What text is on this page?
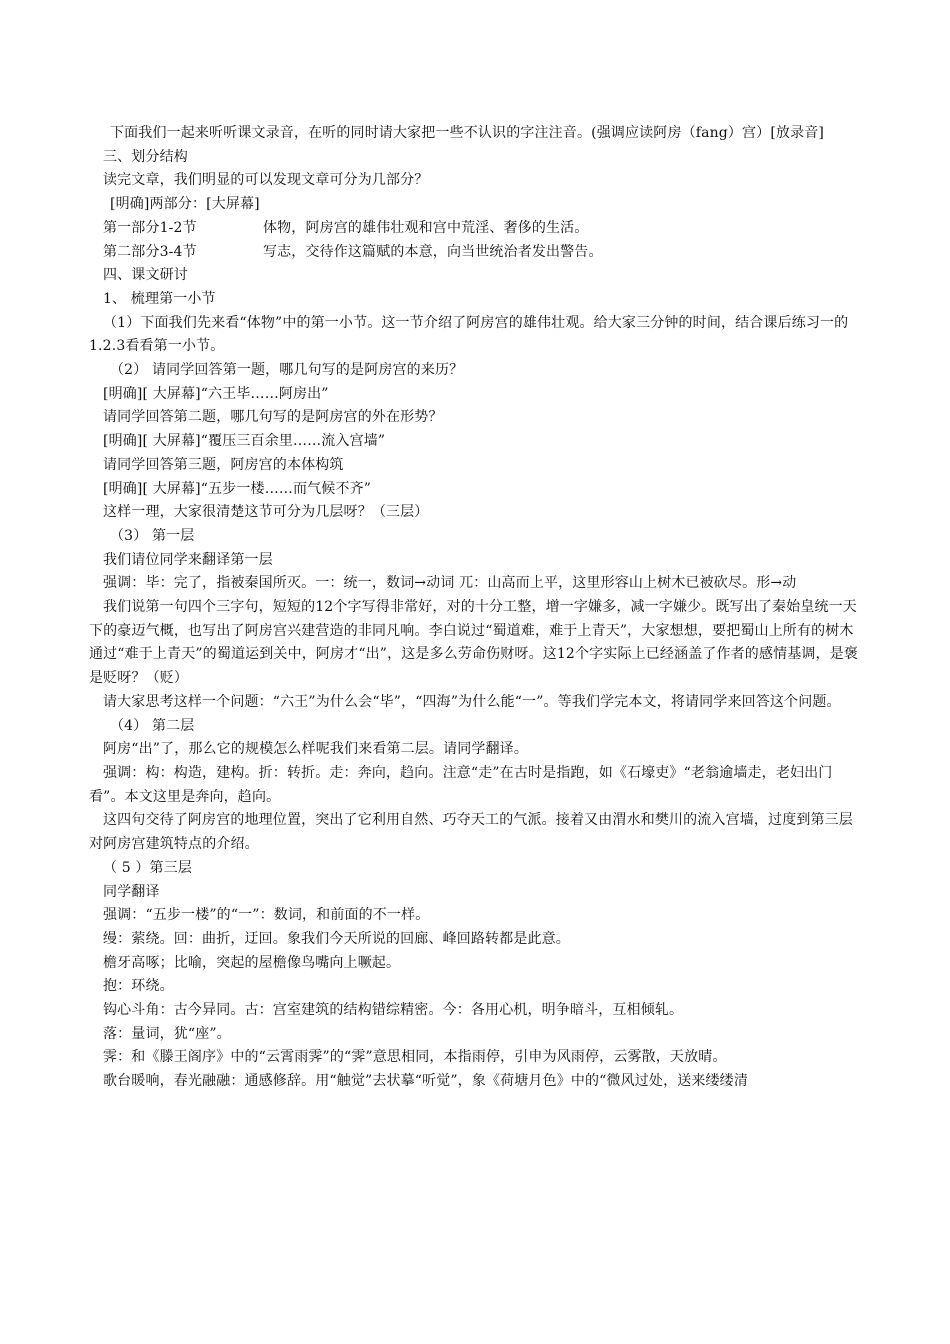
下面我们一起来听听课文录音，在听的同时请大家把一些不认识的字注注音。(强调应读阿房（fang）宫）[放录音]

三、划分结构

读完文章，我们明显的可以发现文章可分为几部分？

[明确]两部分：[大屏幕]

第一部分1-2节	体物，阿房宫的雄伟壮观和宫中荒淫、奢侈的生活。
第二部分3-4节	写志，交待作这篇赋的本意，向当世统治者发出警告。

四、课文研讨

1、 梳理第一小节

（1）下面我们先来看“体物”中的第一小节。这一节介绍了阿房宫的雄伟壮观。给大家三分钟的时间，结合课后练习一的1.2.3看看第一小节。

（2） 请同学回答第一题，哪几句写的是阿房宫的来历？

[明确][ 大屏幕]“六王毕……阿房出”

请同学回答第二题，哪几句写的是阿房宫的外在形势？

[明确][ 大屏幕]“覆压三百余里……流入宫墙”

请同学回答第三题，阿房宫的本体构筑

[明确][ 大屏幕]“五步一楼……而气候不齐”

这样一理，大家很清楚这节可分为几层呀？（三层）

（3） 第一层

我们请位同学来翻译第一层

强调：毕：完了，指被秦国所灭。一：统一，数词→动词 兀：山高而上平，这里形容山上树木已被砍尽。形→动

我们说第一句四个三字句，短短的12个字写得非常好，对的十分工整，增一字嫌多，减一字嫌少。既写出了秦始皇统一天下的豪迈气概，也写出了阿房宫兴建营造的非同凡响。李白说过“蜀道难，难于上青天”，大家想想，要把蜀山上所有的树木通过“难于上青天”的蜀道运到关中，阿房才“出”，这是多么劳命伤财呀。这12个字实际上已经涵盖了作者的感情基调，是褒是贬呀？（贬）

请大家思考这样一个问题：“六王”为什么会“毕”，“四海”为什么能“一”。等我们学完本文，将请同学来回答这个问题。

（4） 第二层

阿房“出”了，那么它的规模怎么样呢我们来看第二层。请同学翻译。

强调：构：构造，建构。折：转折。走：奔向，趋向。注意“走”在古时是指跑，如《石壕吏》“老翁逾墙走，老妇出门看”。本文这里是奔向，趋向。

这四句交待了阿房宫的地理位置，突出了它利用自然、巧夺天工的气派。接着又由渭水和樊川的流入宫墙，过度到第三层对阿房宫建筑特点的介绍。

（ 5 ）第三层

同学翻译

强调：“五步一楼”的“一”：数词，和前面的不一样。

缦：萦绕。回：曲折，迂回。象我们今天所说的回廊、峰回路转都是此意。

檐牙高啄；比喻，突起的屋檐像鸟嘴向上噘起。

抱：环绕。

钩心斗角：古今异同。古：宫室建筑的结构错综精密。今：各用心机，明争暗斗，互相倾轧。

落：量词，犹“座”。

霁：和《滕王阁序》中的“云霄雨霁”的“霁”意思相同，本指雨停，引申为风雨停，云雾散，天放晴。

歌台暖响，春光融融：通感修辞。用“触觉”去状摹“听觉”，象《荷塘月色》中的“微风过处，送来缕缕清
